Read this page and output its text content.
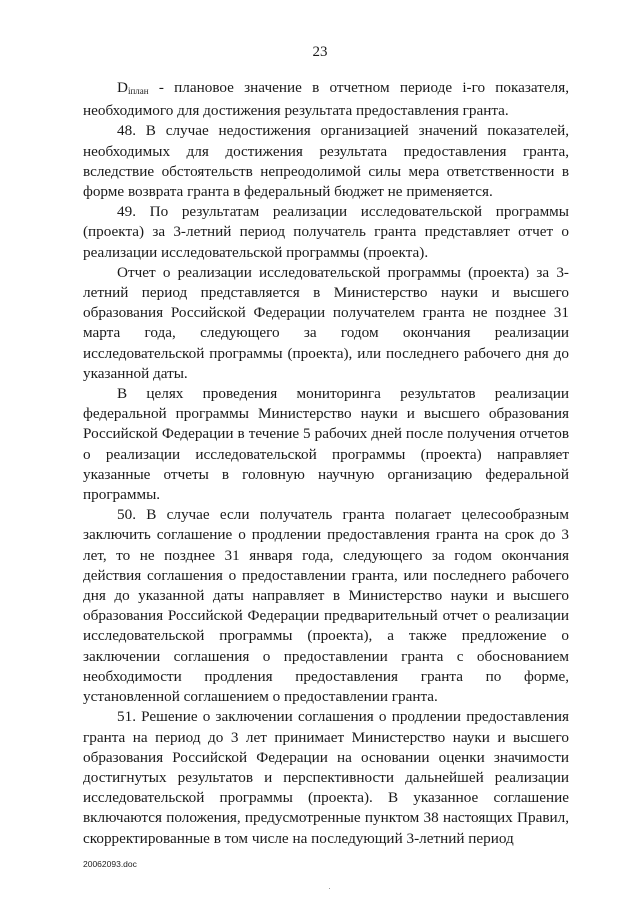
23

$D_{iплан}$ - плановое значение в отчетном периоде i-го показателя, необходимого для достижения результата предоставления гранта.

48. В случае недостижения организацией значений показателей, необходимых для достижения результата предоставления гранта, вследствие обстоятельств непреодолимой силы мера ответственности в форме возврата гранта в федеральный бюджет не применяется.

49. По результатам реализации исследовательской программы (проекта) за 3-летний период получатель гранта представляет отчет о реализации исследовательской программы (проекта).

Отчет о реализации исследовательской программы (проекта) за 3-летний период представляется в Министерство науки и высшего образования Российской Федерации получателем гранта не позднее 31 марта года, следующего за годом окончания реализации исследовательской программы (проекта), или последнего рабочего дня до указанной даты.

В целях проведения мониторинга результатов реализации федеральной программы Министерство науки и высшего образования Российской Федерации в течение 5 рабочих дней после получения отчетов о реализации исследовательской программы (проекта) направляет указанные отчеты в головную научную организацию федеральной программы.

50. В случае если получатель гранта полагает целесообразным заключить соглашение о продлении предоставления гранта на срок до 3 лет, то не позднее 31 января года, следующего за годом окончания действия соглашения о предоставлении гранта, или последнего рабочего дня до указанной даты направляет в Министерство науки и высшего образования Российской Федерации предварительный отчет о реализации исследовательской программы (проекта), а также предложение о заключении соглашения о предоставлении гранта с обоснованием необходимости продления предоставления гранта по форме, установленной соглашением о предоставлении гранта.

51. Решение о заключении соглашения о продлении предоставления гранта на период до 3 лет принимает Министерство науки и высшего образования Российской Федерации на основании оценки значимости достигнутых результатов и перспективности дальнейшей реализации исследовательской программы (проекта). В указанное соглашение включаются положения, предусмотренные пунктом 38 настоящих Правил, скорректированные в том числе на последующий 3-летний период

20062093.doc
